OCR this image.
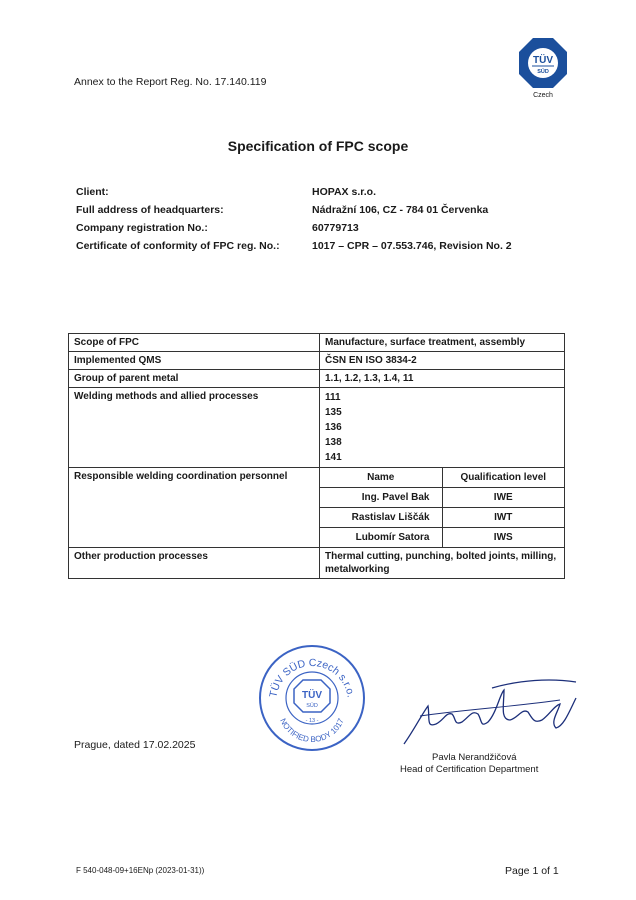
Annex to the Report Reg. No. 17.140.119
TÜV
SÜD
Czech
Specification of FPC scope
Client:	HOPAX s.r.o.
Full address of headquarters:	Nádražní 106, CZ - 784 01 Červenka
Company registration No.:	60779713
Certificate of conformity of FPC reg. No.:	1017 – CPR – 07.553.746, Revision No. 2
Scope of FPC	Manufacture, surface treatment, assembly
Implemented QMS	ČSN EN ISO 3834-2
Group of parent metal	1.1, 1.2, 1.3, 1.4, 11
Welding methods and allied processes	111
135
136
138
141

Responsible welding coordination personnel		Name	Qualification level
Ing. Pavel Bak	IWE
Rastislav Liščák	IWT
Lubomír Satora	IWS

Other production processes	Thermal cutting, punching, bolted joints, milling, metalworking
TÜV SÜD Czech s.r.o.
NOTIFIED BODY 1017
TÜV
SÜD
- 13 -
Prague, dated 17.02.2025
Pavla Nerandžičová
Head of Certification Department
F 540-048-09+16ENp (2023-01-31))	Page 1 of 1
